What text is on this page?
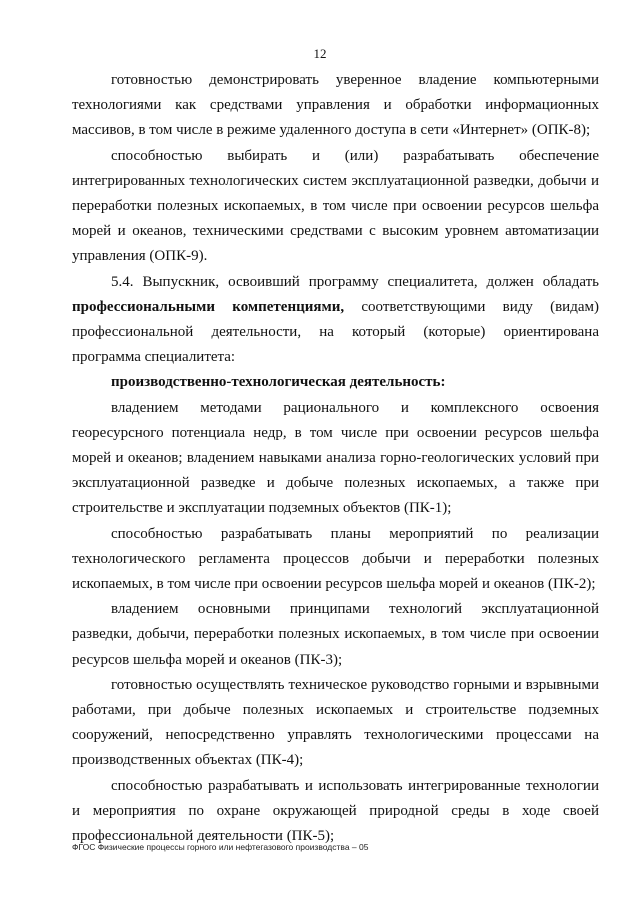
12

готовностью демонстрировать уверенное владение компьютерными технологиями как средствами управления и обработки информационных массивов, в том числе в режиме удаленного доступа в сети «Интернет» (ОПК-8);

способностью выбирать и (или) разрабатывать обеспечение интегрированных технологических систем эксплуатационной разведки, добычи и переработки полезных ископаемых, в том числе при освоении ресурсов шельфа морей и океанов, техническими средствами с высоким уровнем автоматизации управления (ОПК-9).

5.4. Выпускник, освоивший программу специалитета, должен обладать профессиональными компетенциями, соответствующими виду (видам) профессиональной деятельности, на который (которые) ориентирована программа специалитета:

производственно-технологическая деятельность:

владением методами рационального и комплексного освоения георесурсного потенциала недр, в том числе при освоении ресурсов шельфа морей и океанов; владением навыками анализа горно-геологических условий при эксплуатационной разведке и добыче полезных ископаемых, а также при строительстве и эксплуатации подземных объектов (ПК-1);

способностью разрабатывать планы мероприятий по реализации технологического регламента процессов добычи и переработки полезных ископаемых, в том числе при освоении ресурсов шельфа морей и океанов (ПК-2);

владением основными принципами технологий эксплуатационной разведки, добычи, переработки полезных ископаемых, в том числе при освоении ресурсов шельфа морей и океанов (ПК-3);

готовностью осуществлять техническое руководство горными и взрывными работами, при добыче полезных ископаемых и строительстве подземных сооружений, непосредственно управлять технологическими процессами на производственных объектах (ПК-4);

способностью разрабатывать и использовать интегрированные технологии и мероприятия по охране окружающей природной среды в ходе своей профессиональной деятельности (ПК-5);

ФГОС Физические процессы горного или нефтегазового производства – 05
